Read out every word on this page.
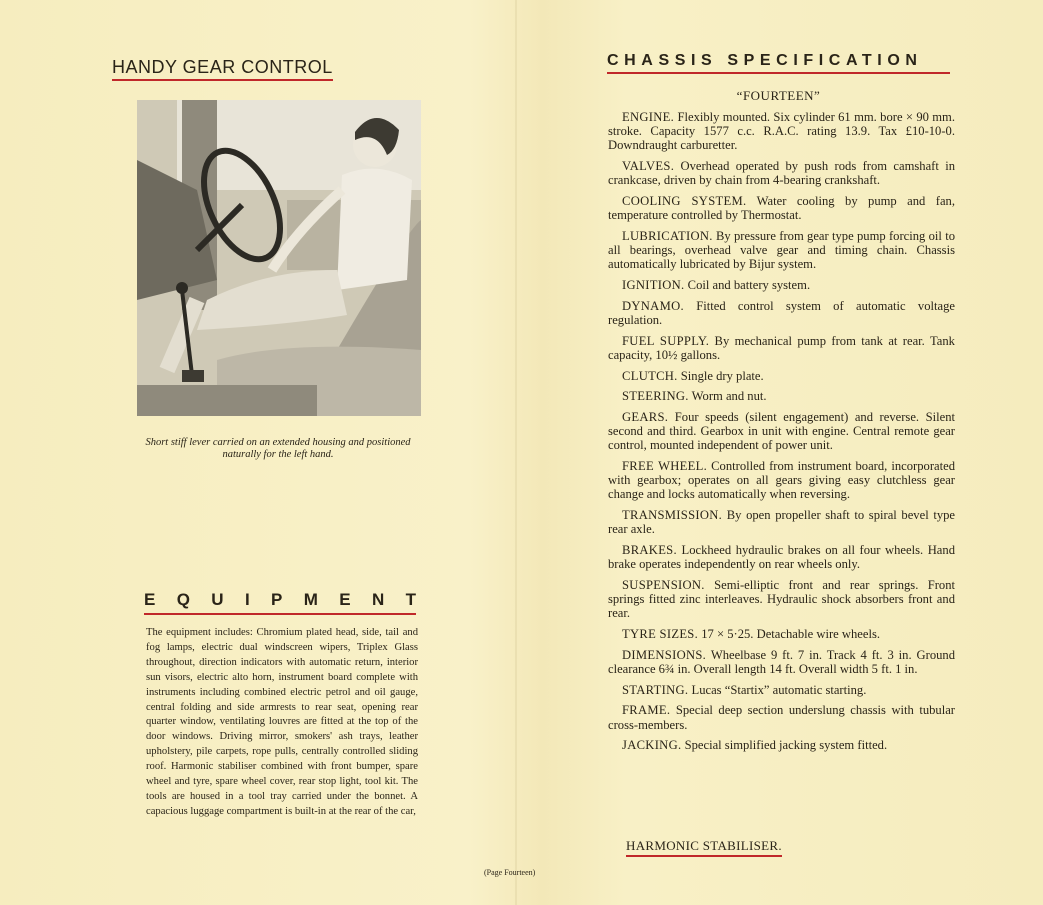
HANDY GEAR CONTROL
Short stiff lever carried on an extended housing and positioned naturally for the left hand.
E Q U I P M E N T
The equipment includes: Chromium plated head, side, tail and fog lamps, electric dual windscreen wipers, Triplex Glass throughout, direction indicators with automatic return, interior sun visors, electric alto horn, instrument board complete with instruments including combined electric petrol and oil gauge, central folding and side armrests to rear seat, opening rear quarter window, ventilating louvres are fitted at the top of the door windows. Driving mirror, smokers' ash trays, leather upholstery, pile carpets, rope pulls, centrally controlled sliding roof. Harmonic stabiliser combined with front bumper, spare wheel and tyre, spare wheel cover, rear stop light, tool kit. The tools are housed in a tool tray carried under the bonnet. A capacious luggage compartment is built-in at the rear of the car,
(Page Fourteen)
CHASSIS SPECIFICATION
“FOURTEEN”

ENGINE. Flexibly mounted. Six cylinder 61 mm. bore × 90 mm. stroke. Capacity 1577 c.c. R.A.C. rating 13.9. Tax £10-10-0. Downdraught carburetter.

VALVES. Overhead operated by push rods from camshaft in crankcase, driven by chain from 4-bearing crankshaft.

COOLING SYSTEM. Water cooling by pump and fan, temperature controlled by Thermostat.

LUBRICATION. By pressure from gear type pump forcing oil to all bearings, overhead valve gear and timing chain. Chassis automatically lubricated by Bijur system.

IGNITION. Coil and battery system.

DYNAMO. Fitted control system of automatic voltage regulation.

FUEL SUPPLY. By mechanical pump from tank at rear. Tank capacity, 10½ gallons.

CLUTCH. Single dry plate.

STEERING. Worm and nut.

GEARS. Four speeds (silent engagement) and reverse. Silent second and third. Gearbox in unit with engine. Central remote gear control, mounted independent of power unit.

FREE WHEEL. Controlled from instrument board, incorporated with gearbox; operates on all gears giving easy clutchless gear change and locks automatically when reversing.

TRANSMISSION. By open propeller shaft to spiral bevel type rear axle.

BRAKES. Lockheed hydraulic brakes on all four wheels. Hand brake operates independently on rear wheels only.

SUSPENSION. Semi-elliptic front and rear springs. Front springs fitted zinc interleaves. Hydraulic shock absorbers front and rear.

TYRE SIZES. 17 × 5·25. Detachable wire wheels.

DIMENSIONS. Wheelbase 9 ft. 7 in. Track 4 ft. 3 in. Ground clearance 6¾ in. Overall length 14 ft. Overall width 5 ft. 1 in.

STARTING. Lucas “Startix” automatic starting.

FRAME. Special deep section underslung chassis with tubular cross-members.

JACKING. Special simplified jacking system fitted.

HARMONIC STABILISER.
